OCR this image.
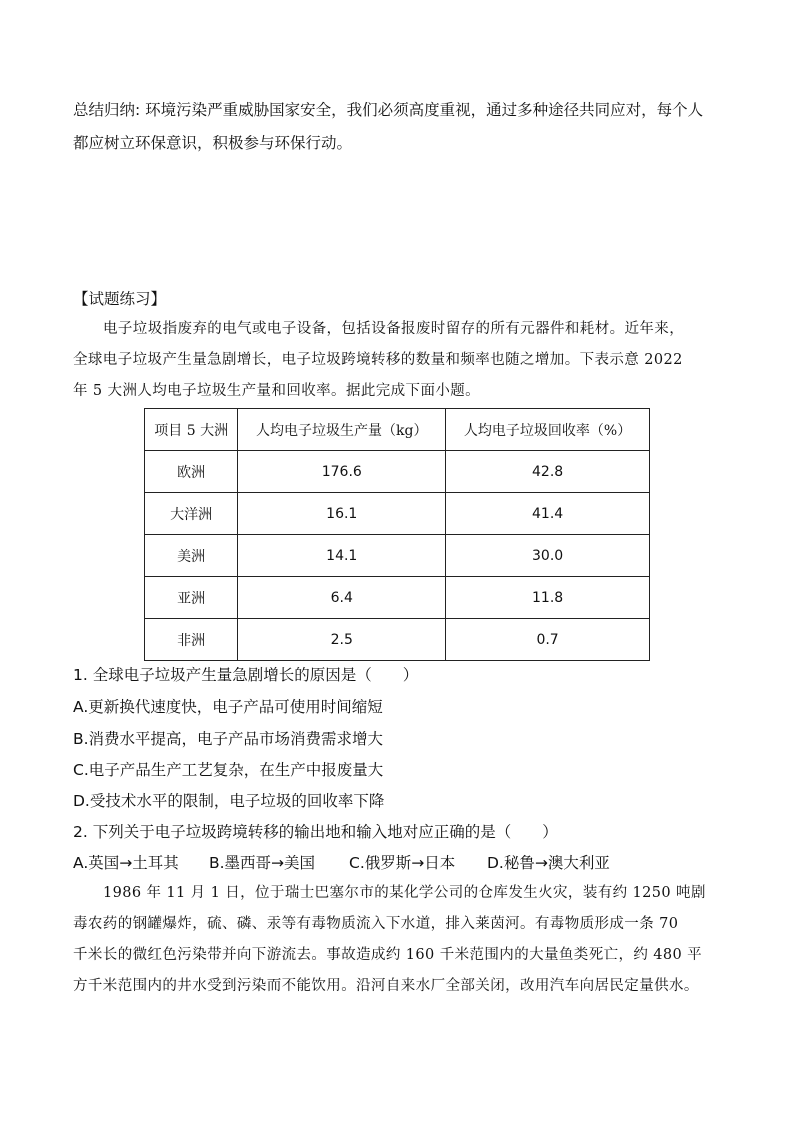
总结归纳: 环境污染严重威胁国家安全，我们必须高度重视，通过多种途径共同应对，每个人
都应树立环保意识，积极参与环保行动。
【试题练习】
电子垃圾指废弃的电气或电子设备，包括设备报废时留存的所有元器件和耗材。近年来，
全球电子垃圾产生量急剧增长，电子垃圾跨境转移的数量和频率也随之增加。下表示意 2022
年 5 大洲人均电子垃圾生产量和回收率。据此完成下面小题。
项目 5 大洲	人均电子垃圾生产量（kg）	人均电子垃圾回收率（%）
欧洲	176.6	42.8
大洋洲	16.1	41.4
美洲	14.1	30.0
亚洲	6.4	11.8
非洲	2.5	0.7
1. 全球电子垃圾产生量急剧增长的原因是（　　）
A.更新换代速度快，电子产品可使用时间缩短
B.消费水平提高，电子产品市场消费需求增大
C.电子产品生产工艺复杂，在生产中报废量大
D.受技术水平的限制，电子垃圾的回收率下降
2. 下列关于电子垃圾跨境转移的输出地和输入地对应正确的是（　　）
A.英国→土耳其 B.墨西哥→美国 C.俄罗斯→日本 D.秘鲁→澳大利亚
1986 年 11 月 1 日，位于瑞士巴塞尔市的某化学公司的仓库发生火灾，装有约 1250 吨剧
毒农药的钢罐爆炸，硫、磷、汞等有毒物质流入下水道，排入莱茵河。有毒物质形成一条 70
千米长的微红色污染带并向下游流去。事故造成约 160 千米范围内的大量鱼类死亡，约 480 平
方千米范围内的井水受到污染而不能饮用。沿河自来水厂全部关闭，改用汽车向居民定量供水。
